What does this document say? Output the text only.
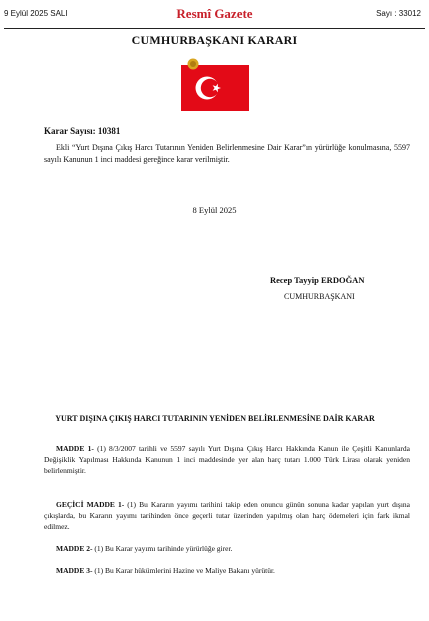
9 Eylül 2025 SALI	Resmî Gazete	Sayı : 33012
CUMHURBAŞKANI KARARI
Karar Sayısı: 10381
Ekli “Yurt Dışına Çıkış Harcı Tutarının Yeniden Belirlenmesine Dair Karar”ın yürürlüğe konulmasına, 5597 sayılı Kanunun 1 inci maddesi gereğince karar verilmiştir.
8 Eylül 2025
Recep Tayyip ERDOĞAN
CUMHURBAŞKANI
YURT DIŞINA ÇIKIŞ HARCI TUTARININ YENİDEN BELİRLENMESİNE DAİR KARAR
MADDE 1- (1) 8/3/2007 tarihli ve 5597 sayılı Yurt Dışına Çıkış Harcı Hakkında Kanun ile Çeşitli Kanunlarda Değişiklik Yapılması Hakkında Kanunun 1 inci maddesinde yer alan harç tutarı 1.000 Türk Lirası olarak yeniden belirlenmiştir.
GEÇİCİ MADDE 1- (1) Bu Kararın yayımı tarihini takip eden onuncu günün sonuna kadar yapılan yurt dışına çıkışlarda, bu Kararın yayımı tarihinden önce geçerli tutar üzerinden yapılmış olan harç ödemeleri için fark ikmal edilmez.
MADDE 2- (1) Bu Karar yayımı tarihinde yürürlüğe girer.
MADDE 3- (1) Bu Karar hükümlerini Hazine ve Maliye Bakanı yürütür.
